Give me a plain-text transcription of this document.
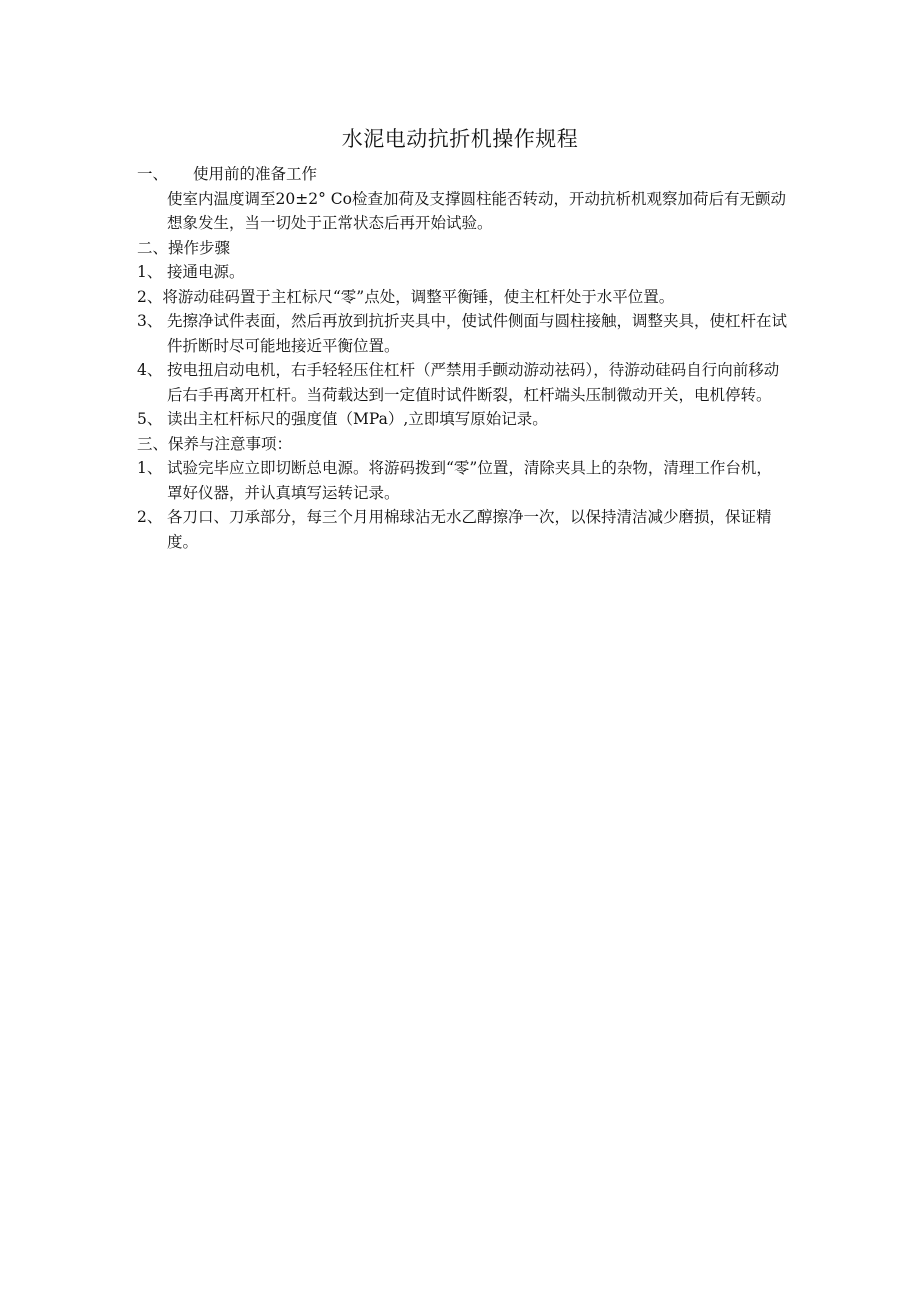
水泥电动抗折机操作规程

一、 使用前的准备工作

使室内温度调至20±2° Co检查加荷及支撑圆柱能否转动，开动抗析机观察加荷后有无颤动想象发生，当一切处于正常状态后再开始试验。

二、操作步骤

1、 接通电源。

2、将游动硅码置于主杠标尺“零”点处，调整平衡锤，使主杠杆处于水平位置。

3、 先擦净试件表面，然后再放到抗折夹具中，使试件侧面与圆柱接触，调整夹具，使杠杆在试件折断时尽可能地接近平衡位置。

4、 按电扭启动电机，右手轻轻压住杠杆（严禁用手颤动游动祛码），待游动硅码自行向前移动后右手再离开杠杆。当荷载达到一定值时试件断裂，杠杆端头压制微动开关，电机停转。

5、 读出主杠杆标尺的强度值（MPa）,立即填写原始记录。

三、保养与注意事项：

1、 试验完毕应立即切断总电源。将游码拨到“零”位置，清除夹具上的杂物，清理工作台机，罩好仪器，并认真填写运转记录。

2、 各刀口、刀承部分，每三个月用棉球沾无水乙醇擦净一次，以保持清洁减少磨损，保证精度。
